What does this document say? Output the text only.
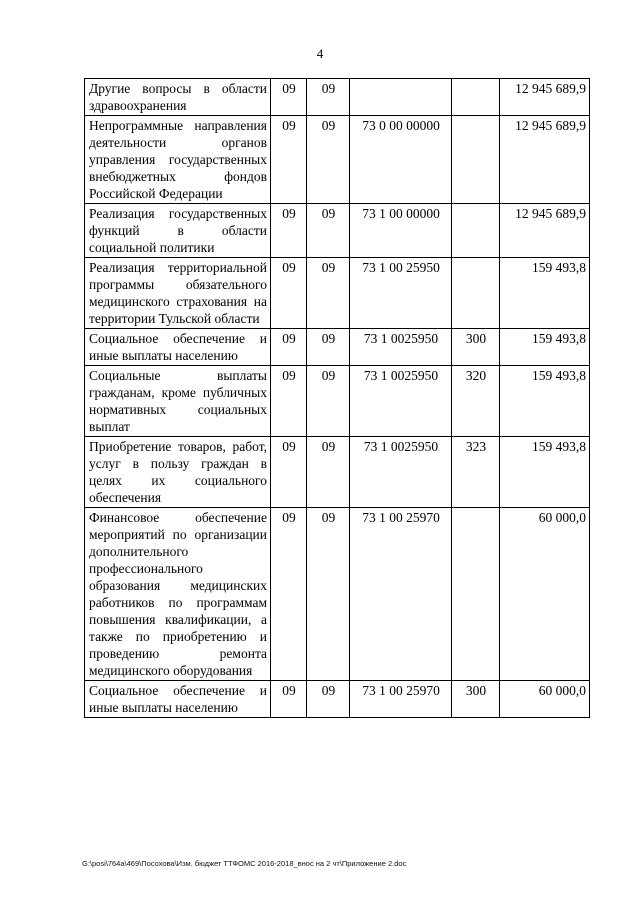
4
Другие вопросы в области здравоохранения	09	09			12 945 689,9
Непрограммные направления деятельности органов управления государственных внебюджетных фондов Российской Федерации	09	09	73 0 00 00000		12 945 689,9
Реализация государственных функций в области социальной политики	09	09	73 1 00 00000		12 945 689,9
Реализация территориальной программы обязательного медицинского страхования на территории Тульской области	09	09	73 1 00 25950		159 493,8
Социальное обеспечение и иные выплаты населению	09	09	73 1 0025950	300	159 493,8
Социальные выплаты гражданам, кроме публичных нормативных социальных выплат	09	09	73 1 0025950	320	159 493,8
Приобретение товаров, работ, услуг в пользу граждан в целях их социального обеспечения	09	09	73 1 0025950	323	159 493,8
Финансовое обеспечение мероприятий по организации дополнительного профессионального образования медицинских работников по программам повышения квалификации, а также по приобретению и проведению ремонта медицинского оборудования	09	09	73 1 00 25970		60 000,0
Социальное обеспечение и иные выплаты населению	09	09	73 1 00 25970	300	60 000,0
G:\posi\764a\469\Посохова\Изм. бюджет ТТФОМС 2016-2018_внос на 2 чт\Приложение 2.doc
